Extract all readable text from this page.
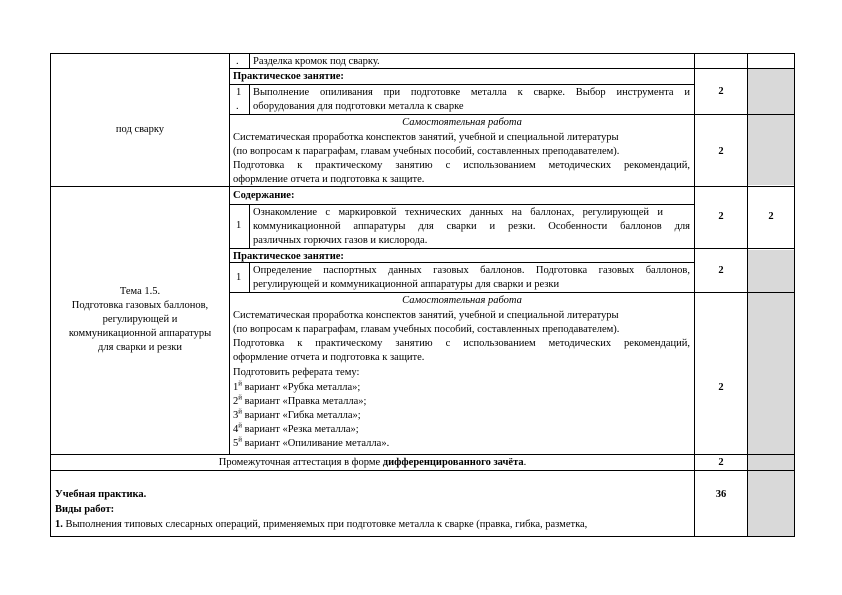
под сварку
. Разделка кромок под сварку.
Практическое занятие:
1
.
Выполнение опиливания при подготовке металла к сварке. Выбор инструмента и
оборудования для подготовки металла к сварке
2
Самостоятельная работа
Систематическая проработка конспектов занятий, учебной и специальной литературы
(по вопросам к параграфам, главам учебных пособий, составленных преподавателем).
Подготовка к практическому занятию с использованием методических рекомендаций,
оформление отчета и подготовка к защите.
2
Тема 1.5.
Подготовка газовых баллонов,
регулирующей и
коммуникационной аппаратуры
для сварки и резки
Содержание:
1
Ознакомление с маркировкой технических данных на баллонах, регулирующей и
коммуникационной аппаратуры для сварки и резки. Особенности баллонов для
различных горючих газов и кислорода.
2	2
Практическое занятие:
1
Определение паспортных данных газовых баллонов. Подготовка газовых баллонов,
регулирующей и коммуникационной аппаратуры для сварки и резки
2
Самостоятельная работа
Систематическая проработка конспектов занятий, учебной и специальной литературы
(по вопросам к параграфам, главам учебных пособий, составленных преподавателем).
Подготовка к практическому занятию с использованием методических рекомендаций,
оформление отчета и подготовка к защите.
Подготовить реферата тему:
$1^й$ вариант «Рубка металла»;
$2^й$ вариант «Правка металла»;
$3^й$ вариант «Гибка металла»;
$4^й$ вариант «Резка металла»;
$5^й$ вариант «Опиливание металла».
2
Промежуточная аттестация в форме дифференцированного зачёта.	2
Учебная практика.
Виды работ:
1. Выполнения типовых слесарных операций, применяемых при подготовке металла к сварке (правка, гибка, разметка,
36
